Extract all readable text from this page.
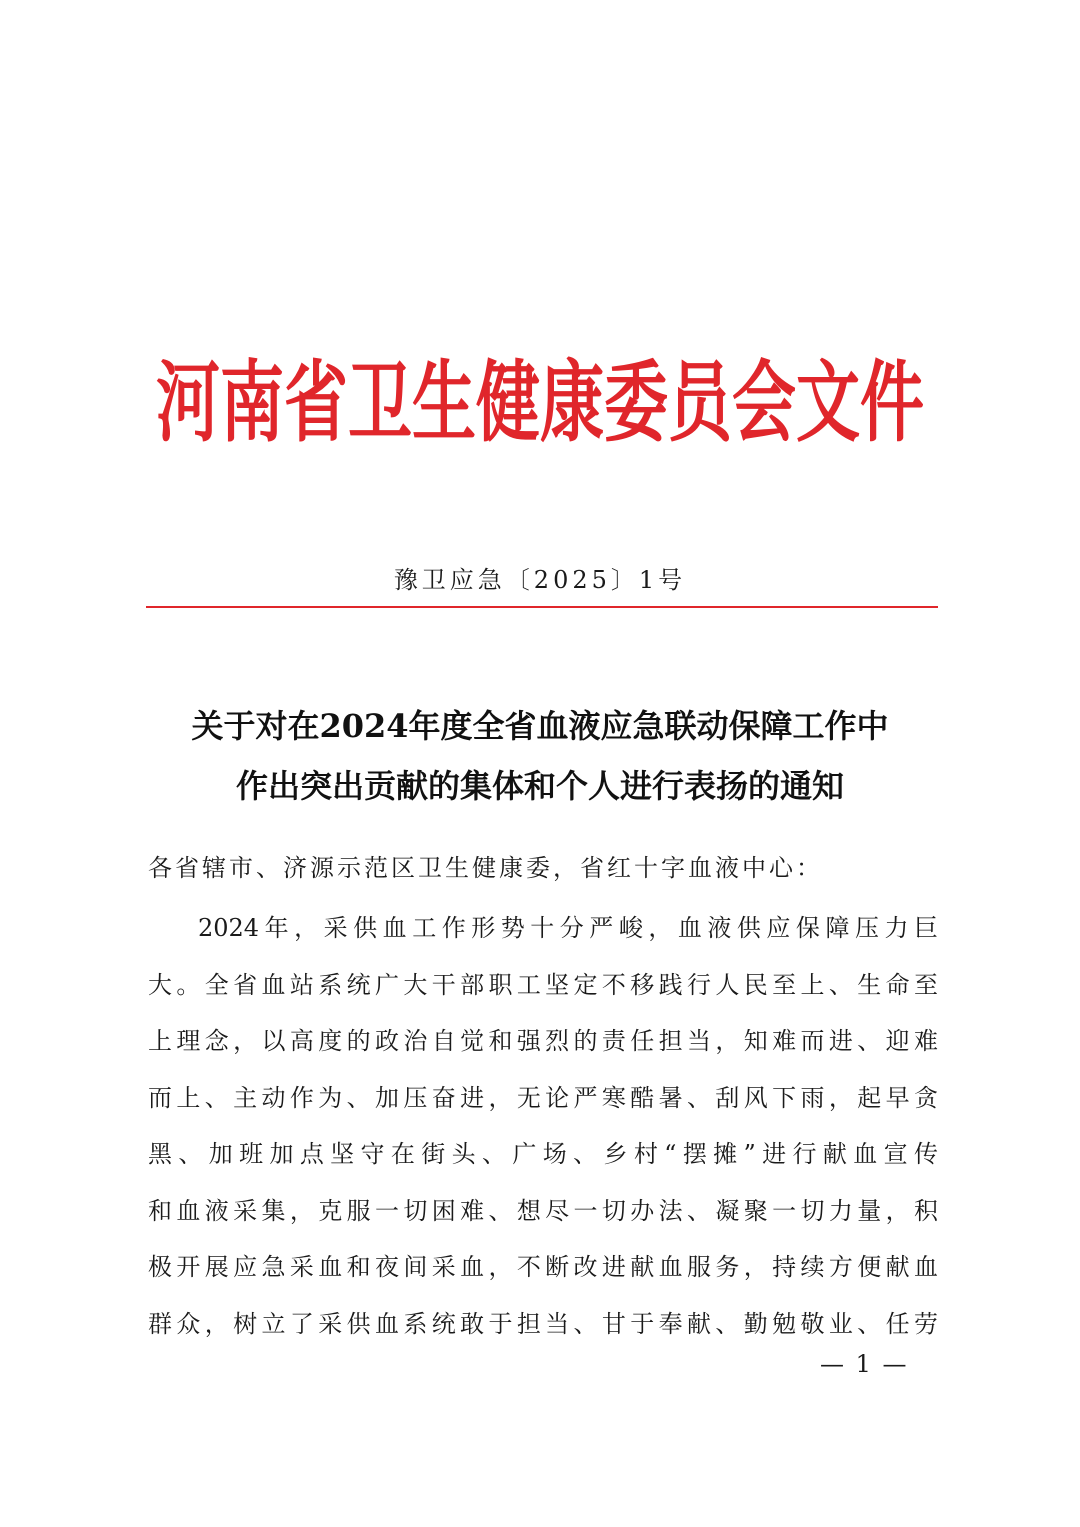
河南省卫生健康委员会文件
豫卫应急〔2025〕1号
关于对在2024年度全省血液应急联动保障工作中
作出突出贡献的集体和个人进行表扬的通知
各省辖市、济源示范区卫生健康委，省红十字血液中心：
2024年，采供血工作形势十分严峻，血液供应保障压力巨
大。全省血站系统广大干部职工坚定不移践行人民至上、生命至
上理念，以高度的政治自觉和强烈的责任担当，知难而进、迎难
而上、主动作为、加压奋进，无论严寒酷暑、刮风下雨，起早贪
黑、加班加点坚守在街头、广场、乡村“摆摊”进行献血宣传
和血液采集，克服一切困难、想尽一切办法、凝聚一切力量，积
极开展应急采血和夜间采血，不断改进献血服务，持续方便献血
群众，树立了采供血系统敢于担当、甘于奉献、勤勉敬业、任劳
— 1 —
